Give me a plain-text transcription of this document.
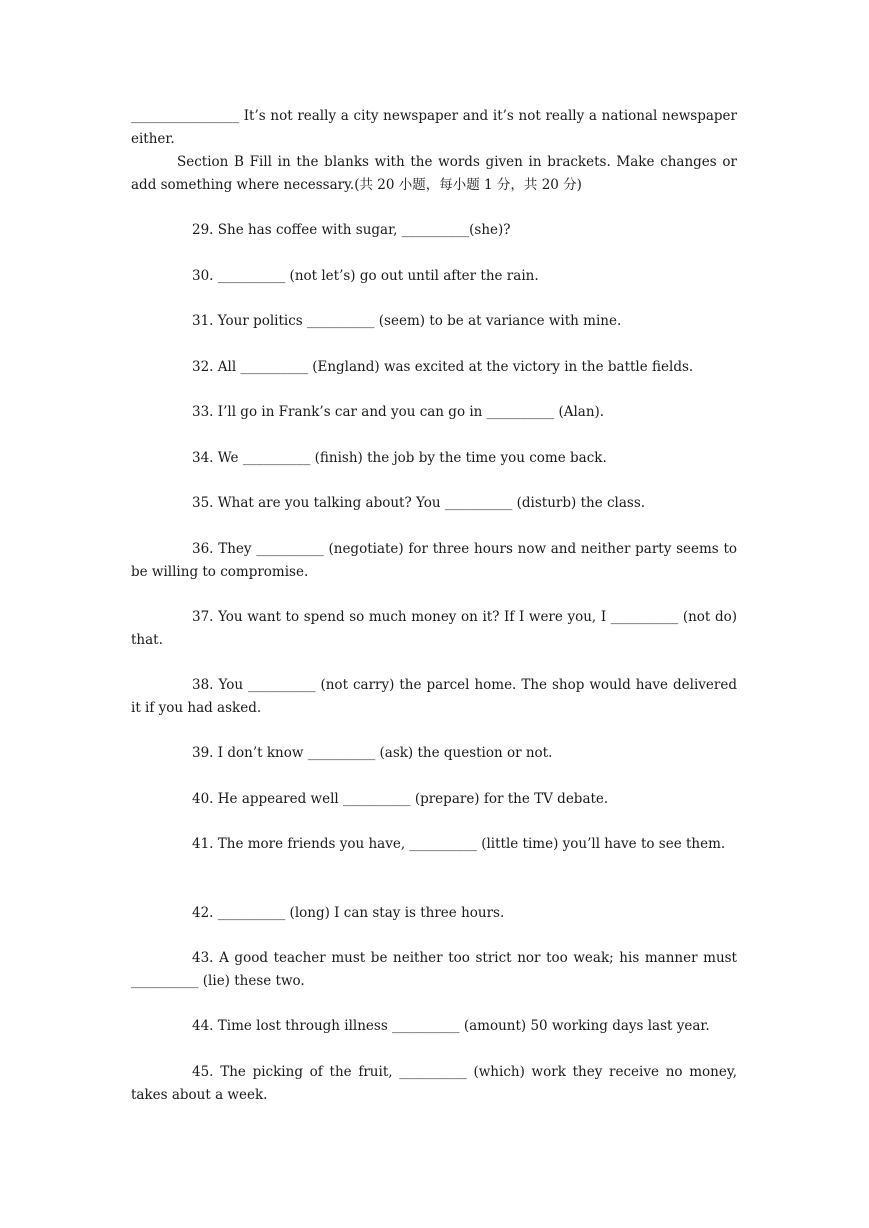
________________ It’s not really a city newspaper and it’s not really a national newspaper either.

Section B Fill in the blanks with the words given in brackets. Make changes or add something where necessary.(共 20 小题，每小题 1 分，共 20 分)

29. She has coffee with sugar, __________(she)?

30. __________ (not let’s) go out until after the rain.

31. Your politics __________ (seem) to be at variance with mine.

32. All __________ (England) was excited at the victory in the battle fields.

33. I’ll go in Frank’s car and you can go in __________ (Alan).

34. We __________ (finish) the job by the time you come back.

35. What are you talking about? You __________ (disturb) the class.

36. They __________ (negotiate) for three hours now and neither party seems to be willing to compromise.

37. You want to spend so much money on it? If I were you, I __________ (not do) that.

38. You __________ (not carry) the parcel home. The shop would have delivered it if you had asked.

39. I don’t know __________ (ask) the question or not.

40. He appeared well __________ (prepare) for the TV debate.

41. The more friends you have, __________ (little time) you’ll have to see them.

42. __________ (long) I can stay is three hours.

43. A good teacher must be neither too strict nor too weak; his manner must __________ (lie) these two.

44. Time lost through illness __________ (amount) 50 working days last year.

45. The picking of the fruit, __________ (which) work they receive no money, takes about a week.
